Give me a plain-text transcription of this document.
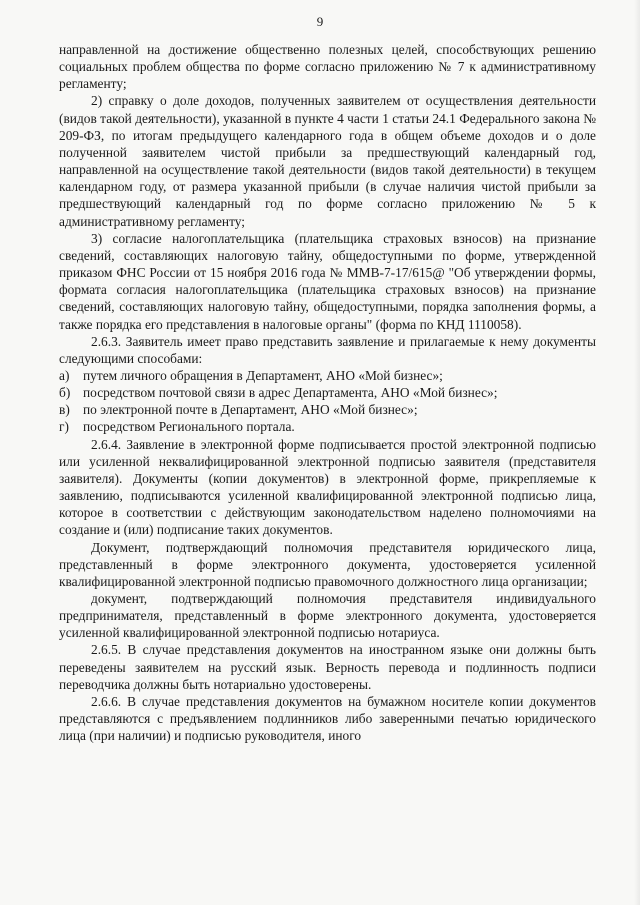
9

направленной на достижение общественно полезных целей, способствующих решению социальных проблем общества по форме согласно приложению № 7 к административному регламенту;

2) справку о доле доходов, полученных заявителем от осуществления деятельности (видов такой деятельности), указанной в пункте 4 части 1 статьи 24.1 Федерального закона № 209-ФЗ, по итогам предыдущего календарного года в общем объеме доходов и о доле полученной заявителем чистой прибыли за предшествующий календарный год, направленной на осуществление такой деятельности (видов такой деятельности) в текущем календарном году, от размера указанной прибыли (в случае наличия чистой прибыли за предшествующий календарный год по форме согласно приложению № 5 к административному регламенту;

3) согласие налогоплательщика (плательщика страховых взносов) на признание сведений, составляющих налоговую тайну, общедоступными по форме, утвержденной приказом ФНС России от 15 ноября 2016 года № ММВ-7-17/615@ "Об утверждении формы, формата согласия налогоплательщика (плательщика страховых взносов) на признание сведений, составляющих налоговую тайну, общедоступными, порядка заполнения формы, а также порядка его представления в налоговые органы" (форма по КНД 1110058).

2.6.3. Заявитель имеет право представить заявление и прилагаемые к нему документы следующими способами:

а) путем личного обращения в Департамент, АНО «Мой бизнес»;
б) посредством почтовой связи в адрес Департамента, АНО «Мой бизнес»;
в) по электронной почте в Департамент, АНО «Мой бизнес»;
г) посредством Регионального портала.

2.6.4. Заявление в электронной форме подписывается простой электронной подписью или усиленной неквалифицированной электронной подписью заявителя (представителя заявителя). Документы (копии документов) в электронной форме, прикрепляемые к заявлению, подписываются усиленной квалифицированной электронной подписью лица, которое в соответствии с действующим законодательством наделено полномочиями на создание и (или) подписание таких документов.

Документ, подтверждающий полномочия представителя юридического лица, представленный в форме электронного документа, удостоверяется усиленной квалифицированной электронной подписью правомочного должностного лица организации;

документ, подтверждающий полномочия представителя индивидуального предпринимателя, представленный в форме электронного документа, удостоверяется усиленной квалифицированной электронной подписью нотариуса.

2.6.5. В случае представления документов на иностранном языке они должны быть переведены заявителем на русский язык. Верность перевода и подлинность подписи переводчика должны быть нотариально удостоверены.

2.6.6. В случае представления документов на бумажном носителе копии документов представляются с предъявлением подлинников либо заверенными печатью юридического лица (при наличии) и подписью руководителя, иного
